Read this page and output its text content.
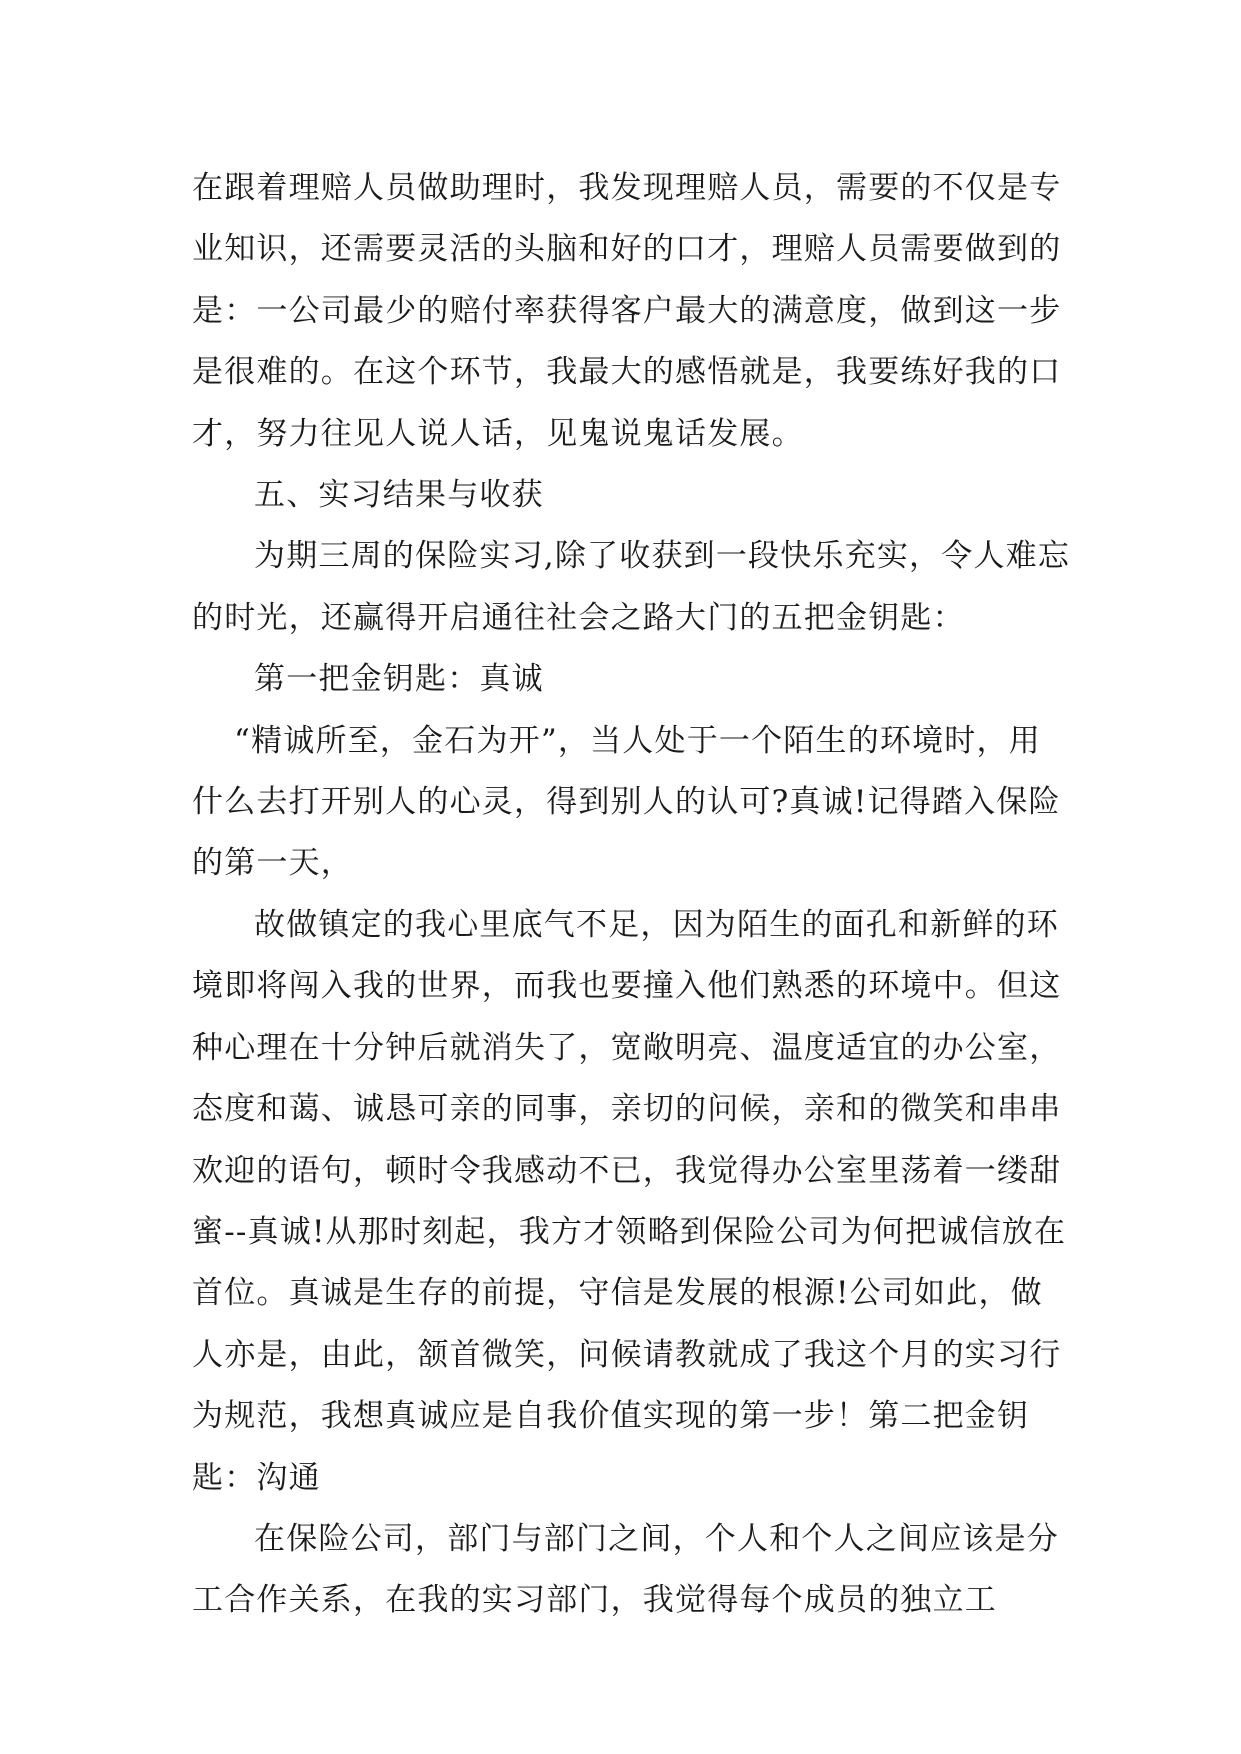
在跟着理赔人员做助理时，我发现理赔人员，需要的不仅是专业知识，还需要灵活的头脑和好的口才，理赔人员需要做到的是：一公司最少的赔付率获得客户最大的满意度，做到这一步是很难的。在这个环节，我最大的感悟就是，我要练好我的口才，努力往见人说人话，见鬼说鬼话发展。

五、实习结果与收获

为期三周的保险实习,除了收获到一段快乐充实，令人难忘的时光，还赢得开启通往社会之路大门的五把金钥匙：

第一把金钥匙：真诚

“精诚所至，金石为开”，当人处于一个陌生的环境时，用什么去打开别人的心灵，得到别人的认可?真诚!记得踏入保险的第一天，

故做镇定的我心里底气不足，因为陌生的面孔和新鲜的环境即将闯入我的世界，而我也要撞入他们熟悉的环境中。但这种心理在十分钟后就消失了，宽敞明亮、温度适宜的办公室，态度和蔼、诚恳可亲的同事，亲切的问候，亲和的微笑和串串欢迎的语句，顿时令我感动不已，我觉得办公室里荡着一缕甜蜜--真诚!从那时刻起，我方才领略到保险公司为何把诚信放在首位。真诚是生存的前提，守信是发展的根源!公司如此，做人亦是，由此，颔首微笑，问候请教就成了我这个月的实习行为规范，我想真诚应是自我价值实现的第一步！第二把金钥匙：沟通

在保险公司，部门与部门之间，个人和个人之间应该是分工合作关系，在我的实习部门，我觉得每个成员的独立工
